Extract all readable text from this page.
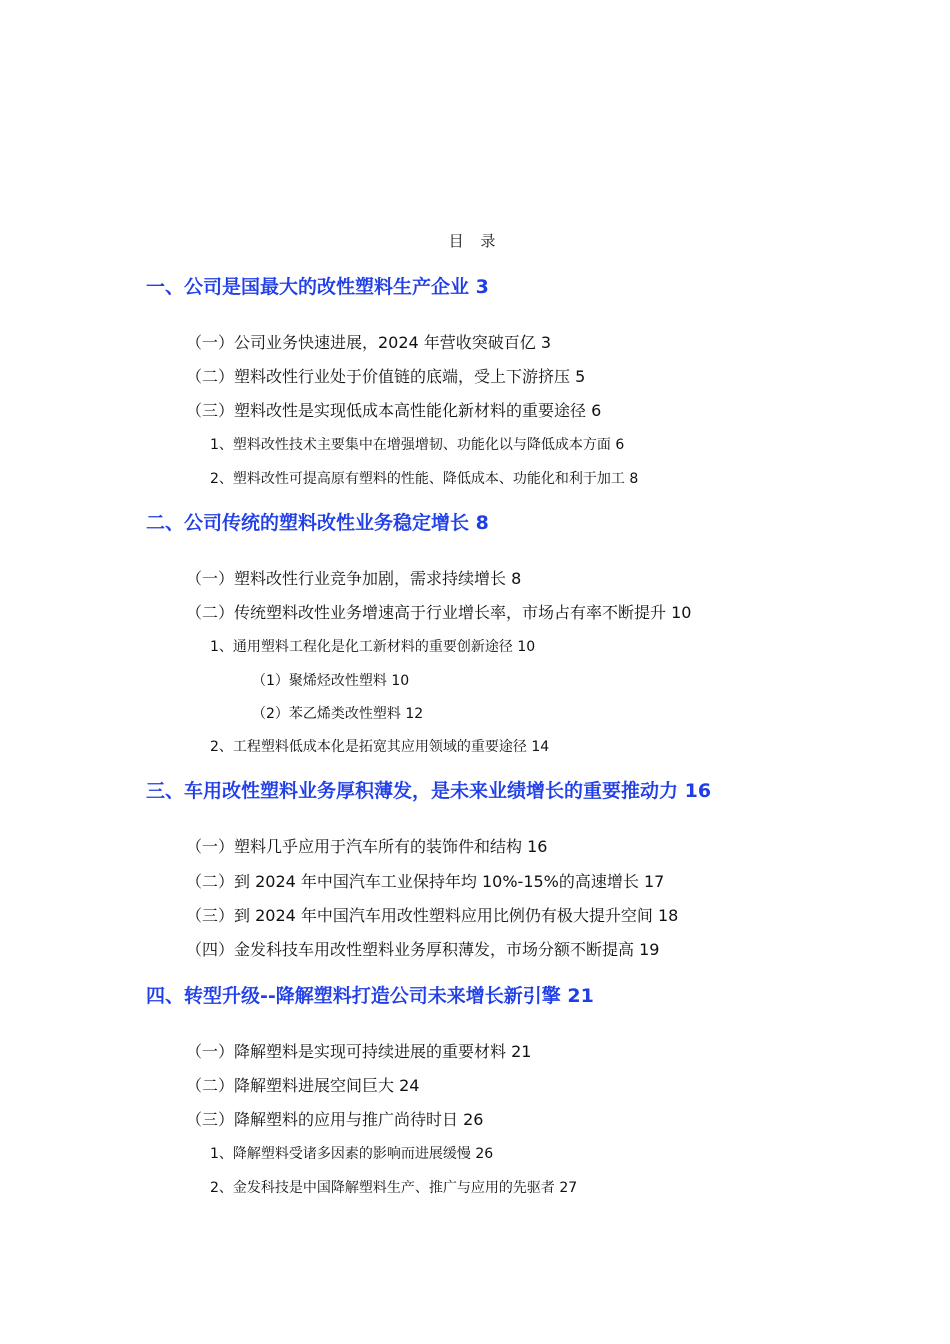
目 录
一、公司是国最大的改性塑料生产企业 3
（一）公司业务快速进展，2024 年营收突破百亿 3
（二）塑料改性行业处于价值链的底端，受上下游挤压 5
（三）塑料改性是实现低成本高性能化新材料的重要途径 6
1、塑料改性技术主要集中在增强增韧、功能化以与降低成本方面 6
2、塑料改性可提高原有塑料的性能、降低成本、功能化和利于加工 8
二、公司传统的塑料改性业务稳定增长 8
（一）塑料改性行业竞争加剧，需求持续增长 8
（二）传统塑料改性业务增速高于行业增长率，市场占有率不断提升 10
1、通用塑料工程化是化工新材料的重要创新途径 10
（1）聚烯烃改性塑料 10
（2）苯乙烯类改性塑料 12
2、工程塑料低成本化是拓宽其应用领域的重要途径 14
三、车用改性塑料业务厚积薄发，是未来业绩增长的重要推动力 16
（一）塑料几乎应用于汽车所有的装饰件和结构 16
（二）到 2024 年中国汽车工业保持年均 10%-15%的高速增长 17
（三）到 2024 年中国汽车用改性塑料应用比例仍有极大提升空间 18
（四）金发科技车用改性塑料业务厚积薄发，市场分额不断提高 19
四、转型升级--降解塑料打造公司未来增长新引擎 21
（一）降解塑料是实现可持续进展的重要材料 21
（二）降解塑料进展空间巨大 24
（三）降解塑料的应用与推广尚待时日 26
1、降解塑料受诸多因素的影响而进展缓慢 26
2、金发科技是中国降解塑料生产、推广与应用的先驱者 27
